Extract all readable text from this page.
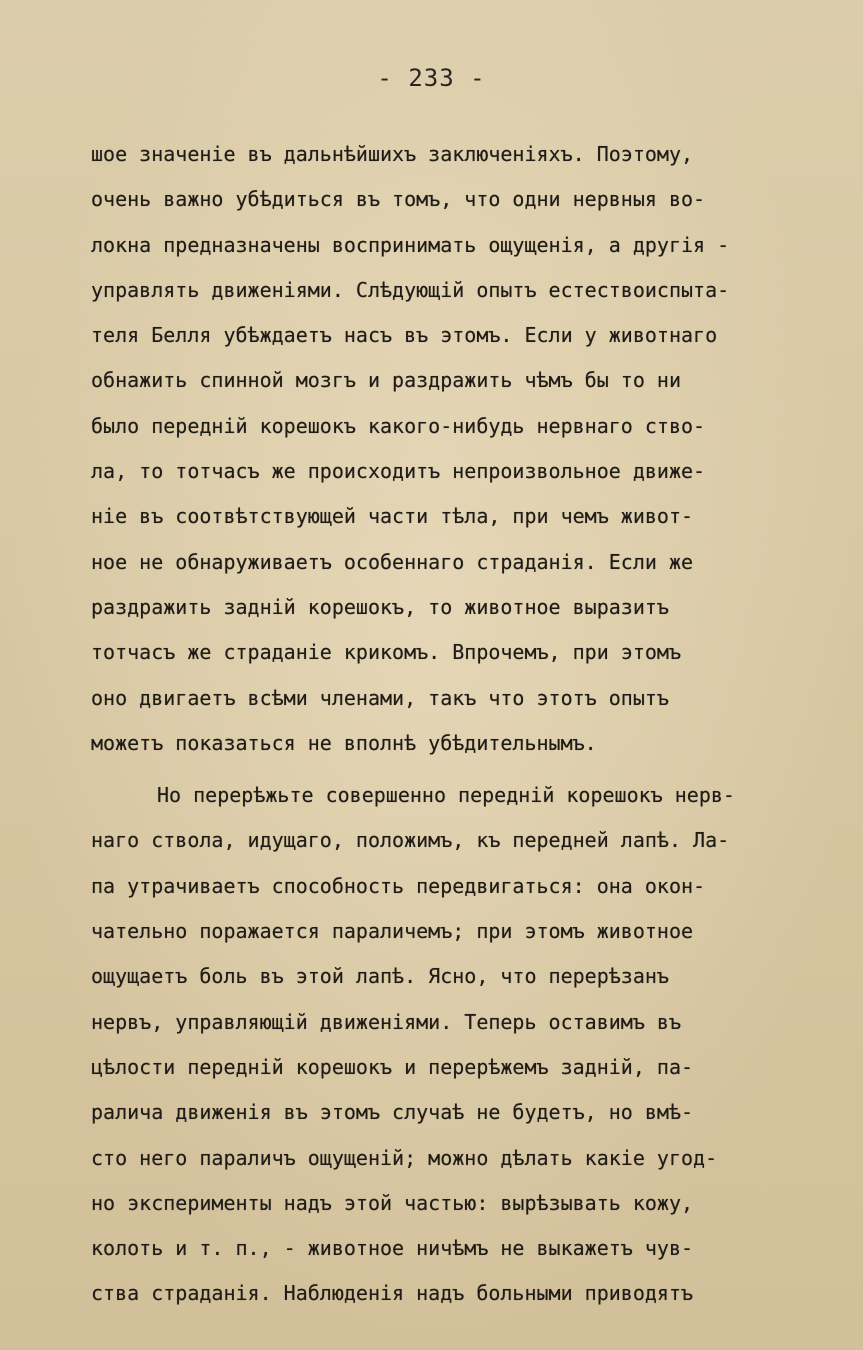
- 233 -
шое значеніе въ дальнѣйшихъ заключеніяхъ. Поэтому,
очень важно убѣдиться въ томъ, что одни нервныя во-
локна предназначены воспринимать ощущенія, а другія -
управлять движеніями. Слѣдующій опытъ естествоиспыта-
теля Белля убѣждаетъ насъ въ этомъ. Если у животнаго
обнажить спинной мозгъ и раздражить чѣмъ бы то ни
было передній корешокъ какого-нибудь нервнаго ство-
ла, то тотчасъ же происходитъ непроизвольное движе-
ніе въ соотвѣтствующей части тѣла, при чемъ живот-
ное не обнаруживаетъ особеннаго страданія. Если же
раздражить задній корешокъ, то животное выразитъ
тотчасъ же страданіе крикомъ. Впрочемъ, при этомъ
оно двигаетъ всѣми членами, такъ что этотъ опытъ
можетъ показаться не вполнѣ убѣдительнымъ.
Но перерѣжьте совершенно передній корешокъ нерв-
наго ствола, идущаго, положимъ, къ передней лапѣ. Ла-
па утрачиваетъ способность передвигаться: она окон-
чательно поражается параличемъ; при этомъ животное
ощущаетъ боль въ этой лапѣ. Ясно, что перерѣзанъ
нервъ, управляющій движеніями. Теперь оставимъ въ
цѣлости передній корешокъ и перерѣжемъ задній, па-
ралича движенія въ этомъ случаѣ не будетъ, но вмѣ-
сто него параличъ ощущеній; можно дѣлать какіе угод-
но эксперименты надъ этой частью: вырѣзывать кожу,
колоть и т. п., - животное ничѣмъ не выкажетъ чув-
ства страданія. Наблюденія надъ больными приводятъ
